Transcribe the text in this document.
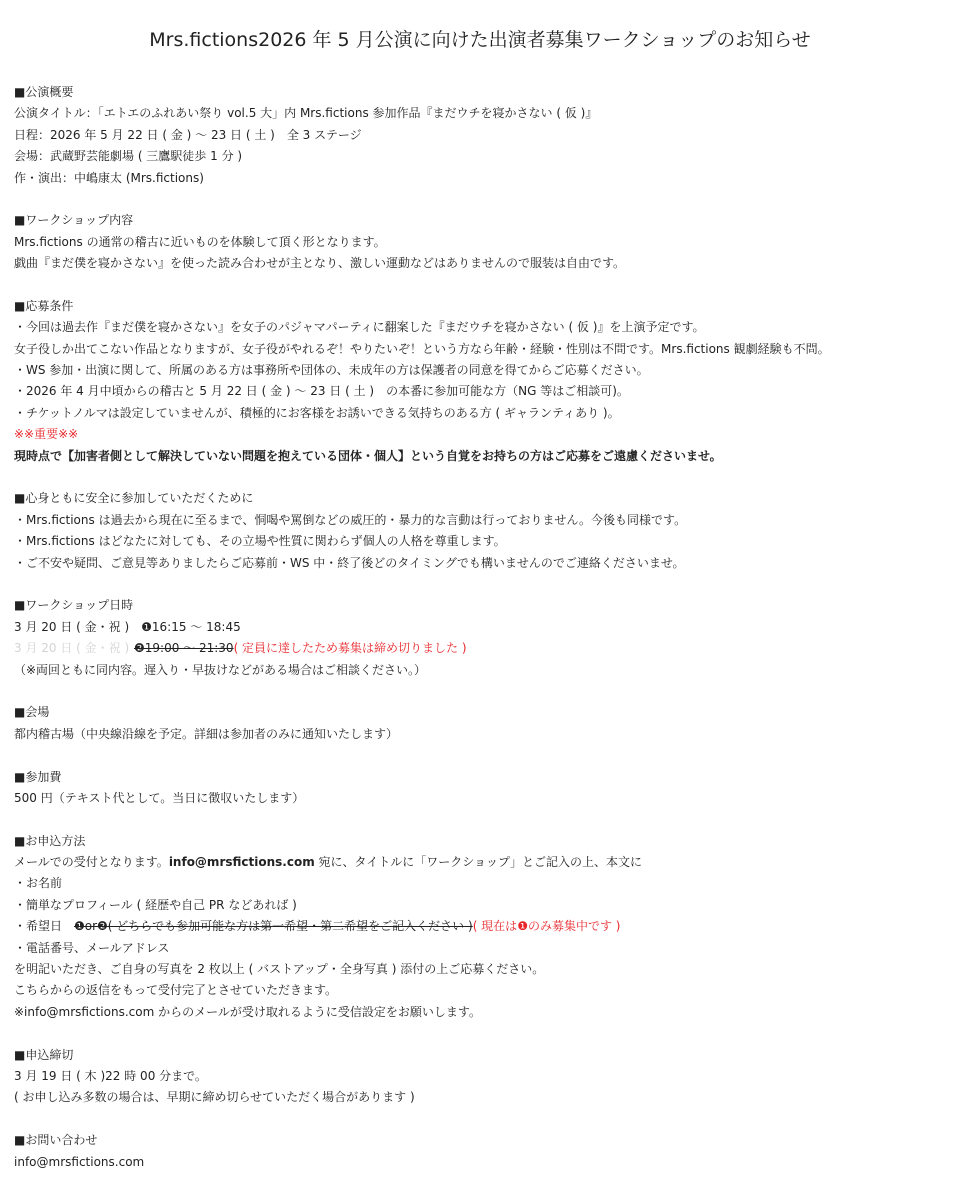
Mrs.fictions2026 年 5 月公演に向けた出演者募集ワークショップのお知らせ
■公演概要
公演タイトル：「エトエのふれあい祭り vol.5 大」内 Mrs.fictions 参加作品『まだウチを寝かさない ( 仮 )』
日程：2026 年 5 月 22 日 ( 金 ) 〜 23 日 ( 土 )　全 3 ステージ
会場：武蔵野芸能劇場 ( 三鷹駅徒歩 1 分 )
作・演出：中嶋康太 (Mrs.fictions)
■ワークショップ内容
Mrs.fictions の通常の稽古に近いものを体験して頂く形となります。
戯曲『まだ僕を寝かさない』を使った読み合わせが主となり、激しい運動などはありませんので服装は自由です。
■応募条件
・今回は過去作『まだ僕を寝かさない』を女子のパジャマパーティに翻案した『まだウチを寝かさない ( 仮 )』を上演予定です。
女子役しか出てこない作品となりますが、女子役がやれるぞ！やりたいぞ！という方なら年齢・経験・性別は不問です。Mrs.fictions 観劇経験も不問。
・WS 参加・出演に関して、所属のある方は事務所や団体の、未成年の方は保護者の同意を得てからご応募ください。
・2026 年 4 月中頃からの稽古と 5 月 22 日 ( 金 ) 〜 23 日 ( 土 )　の本番に参加可能な方（NG 等はご相談可)。
・チケットノルマは設定していませんが、積極的にお客様をお誘いできる気持ちのある方 ( ギャランティあり )。
※※重要※※
現時点で【加害者側として解決していない問題を抱えている団体・個人】という自覚をお持ちの方はご応募をご遠慮くださいませ。
■心身ともに安全に参加していただくために
・Mrs.fictions は過去から現在に至るまで、恫喝や罵倒などの威圧的・暴力的な言動は行っておりません。今後も同様です。
・Mrs.fictions はどなたに対しても、その立場や性質に関わらず個人の人格を尊重します。
・ご不安や疑問、ご意見等ありましたらご応募前・WS 中・終了後どのタイミングでも構いませんのでご連絡くださいませ。
■ワークショップ日時
3 月 20 日 ( 金・祝 )　❶16:15 〜 18:45
3 月 20 日 ( 金・祝 ) ❷19:00 〜 21:30( 定員に達したため募集は締め切りました )
（※両回ともに同内容。遅入り・早抜けなどがある場合はご相談ください。）
■会場
都内稽古場（中央線沿線を予定。詳細は参加者のみに通知いたします）
■参加費
500 円（テキスト代として。当日に徴収いたします）
■お申込方法
メールでの受付となります。info@mrsfictions.com 宛に、タイトルに「ワークショップ」とご記入の上、本文に
・お名前
・簡単なプロフィール ( 経歴や自己 PR などあれば )
・希望日　❶or❷( どちらでも参加可能な方は第一希望・第二希望をご記入ください )( 現在は❶のみ募集中です )
・電話番号、メールアドレス
を明記いただき、ご自身の写真を 2 枚以上 ( バストアップ・全身写真 ) 添付の上ご応募ください。
こちらからの返信をもって受付完了とさせていただきます。
※info@mrsfictions.com からのメールが受け取れるように受信設定をお願いします。
■申込締切
3 月 19 日 ( 木 )22 時 00 分まで。
( お申し込み多数の場合は、早期に締め切らせていただく場合があります )
■お問い合わせ
info@mrsfictions.com
